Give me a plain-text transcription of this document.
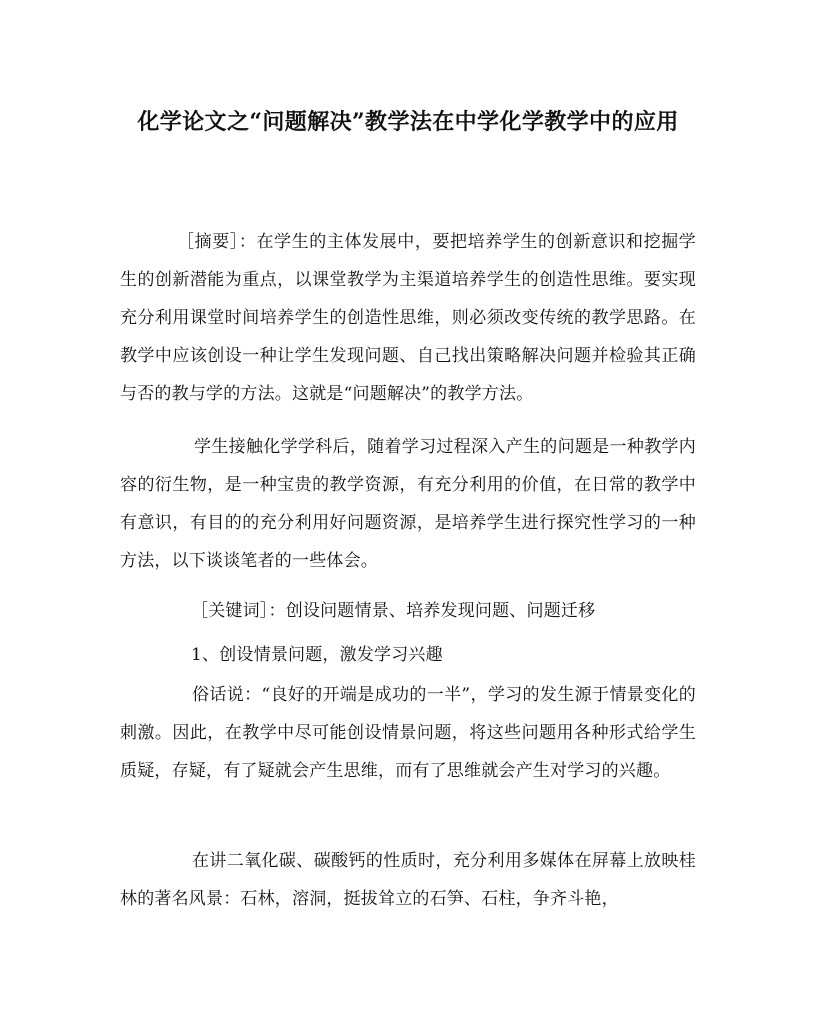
化学论文之“问题解决”教学法在中学化学教学中的应用

［摘要］：在学生的主体发展中，要把培养学生的创新意识和挖掘学生的创新潜能为重点，以课堂教学为主渠道培养学生的创造性思维。要实现充分利用课堂时间培养学生的创造性思维，则必须改变传统的教学思路。在教学中应该创设一种让学生发现问题、自己找出策略解决问题并检验其正确与否的教与学的方法。这就是“问题解决”的教学方法。

学生接触化学学科后，随着学习过程深入产生的问题是一种教学内容的衍生物，是一种宝贵的教学资源，有充分利用的价值，在日常的教学中有意识，有目的的充分利用好问题资源，是培养学生进行探究性学习的一种方法，以下谈谈笔者的一些体会。

［关键词］：创设问题情景、培养发现问题、问题迁移

1、创设情景问题，激发学习兴趣

俗话说：“良好的开端是成功的一半”，学习的发生源于情景变化的刺激。因此，在教学中尽可能创设情景问题，将这些问题用各种形式给学生质疑，存疑，有了疑就会产生思维，而有了思维就会产生对学习的兴趣。

在讲二氧化碳、碳酸钙的性质时，充分利用多媒体在屏幕上放映桂林的著名风景：石林，溶洞，挺拔耸立的石笋、石柱，争齐斗艳，
